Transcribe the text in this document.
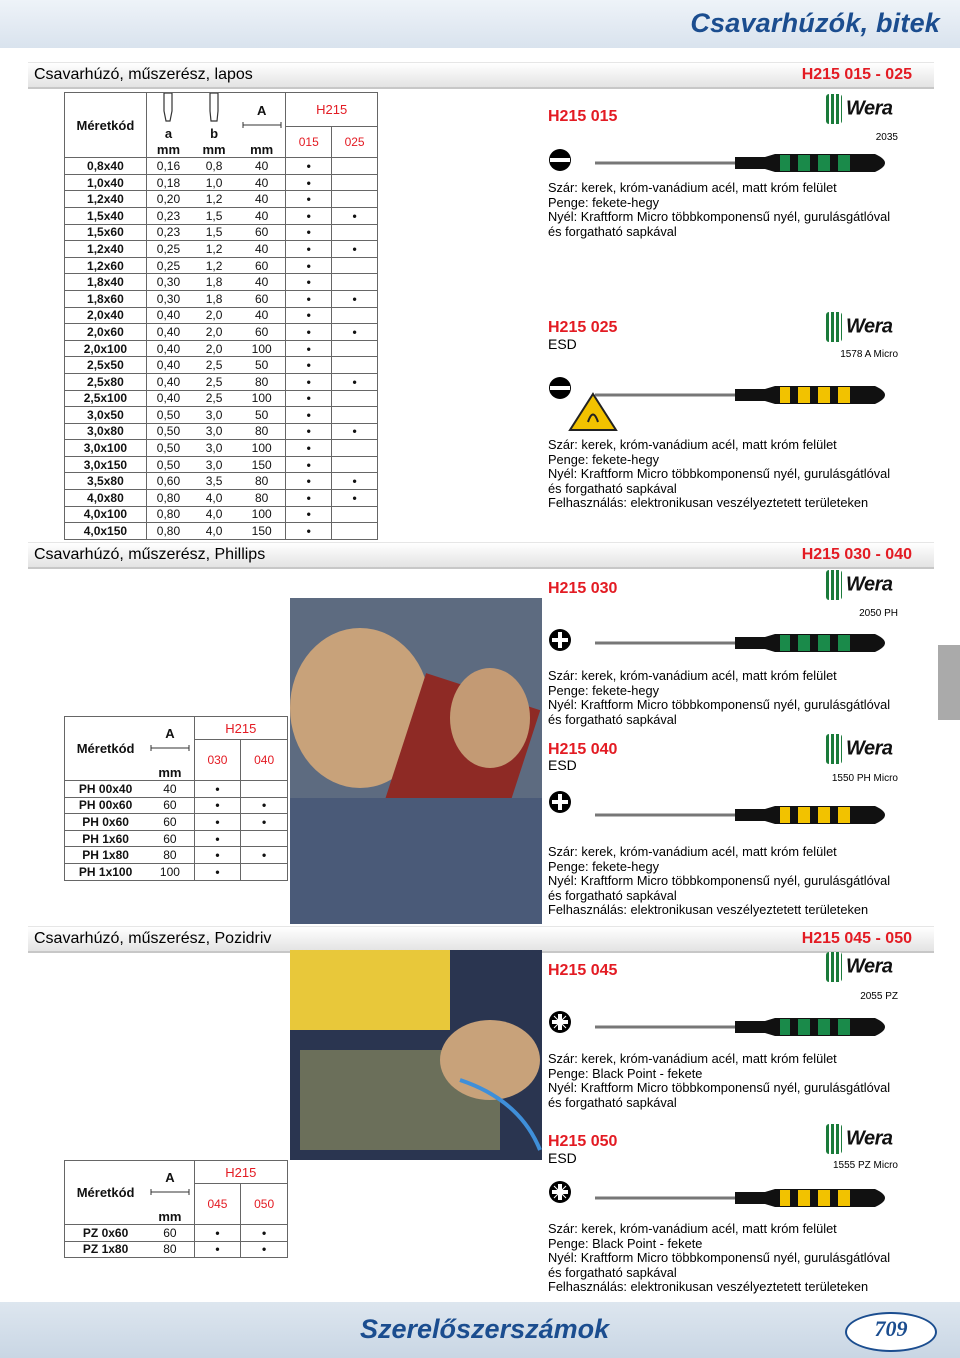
Csavarhúzók, bitek
Csavarhúzó, műszerész, lapos	H215 015 - 025
Csavarhúzó, műszerész, Phillips	H215 030 - 040
Csavarhúzó, műszerész, Pozidriv	H215 045 - 050
Méretkód			A	H215	
	a	b		015	025
	mm	mm	mm		
0,8x40	0,16	0,8	40	•	
1,0x40	0,18	1,0	40	•	
1,2x40	0,20	1,2	40	•	
1,5x40	0,23	1,5	40	•	•
1,5x60	0,23	1,5	60	•	
1,2x40	0,25	1,2	40	•	•
1,2x60	0,25	1,2	60	•	
1,8x40	0,30	1,8	40	•	
1,8x60	0,30	1,8	60	•	•
2,0x40	0,40	2,0	40	•	
2,0x60	0,40	2,0	60	•	•
2,0x100	0,40	2,0	100	•	
2,5x50	0,40	2,5	50	•	
2,5x80	0,40	2,5	80	•	•
2,5x100	0,40	2,5	100	•	
3,0x50	0,50	3,0	50	•	
3,0x80	0,50	3,0	80	•	•
3,0x100	0,50	3,0	100	•	
3,0x150	0,50	3,0	150	•	
3,5x80	0,60	3,5	80	•	•
4,0x80	0,80	4,0	80	•	•
4,0x100	0,80	4,0	100	•	
4,0x150	0,80	4,0	150	•	
Méretkód	A	H215	
		030	040
	mm		
PH 00x40	40	•	
PH 00x60	60	•	•
PH 0x60	60	•	•
PH 1x60	60	•	
PH 1x80	80	•	•
PH 1x100	100	•	
Méretkód	A	H215	
		045	050
	mm		
PZ 0x60	60	•	•
PZ 1x80	80	•	•
H215 015	Wera
2035
Szár: kerek, króm-vanádium acél, matt króm felület
Penge: fekete-hegy
Nyél: Kraftform Micro többkomponensű nyél, gurulásgátlóval
és forgatható sapkával
H215 025
ESD
Wera
1578 A Micro
Szár: kerek, króm-vanádium acél, matt króm felület
Penge: fekete-hegy
Nyél: Kraftform Micro többkomponensű nyél, gurulásgátlóval
és forgatható sapkával
Felhasználás: elektronikusan veszélyeztetett területeken
H215 030	Wera
2050 PH
Szár: kerek, króm-vanádium acél, matt króm felület
Penge: fekete-hegy
Nyél: Kraftform Micro többkomponensű nyél, gurulásgátlóval
és forgatható sapkával
H215 040
ESD
Wera
1550 PH Micro
Szár: kerek, króm-vanádium acél, matt króm felület
Penge: fekete-hegy
Nyél: Kraftform Micro többkomponensű nyél, gurulásgátlóval
és forgatható sapkával
Felhasználás: elektronikusan veszélyeztetett területeken
H215 045	Wera
2055 PZ
Szár: kerek, króm-vanádium acél, matt króm felület
Penge: Black Point - fekete
Nyél: Kraftform Micro többkomponensű nyél, gurulásgátlóval
és forgatható sapkával
H215 050
ESD
Wera
1555 PZ Micro
Szár: kerek, króm-vanádium acél, matt króm felület
Penge: Black Point - fekete
Nyél: Kraftform Micro többkomponensű nyél, gurulásgátlóval
és forgatható sapkával
Felhasználás: elektronikusan veszélyeztetett területeken
Szerelőszerszámok	709
